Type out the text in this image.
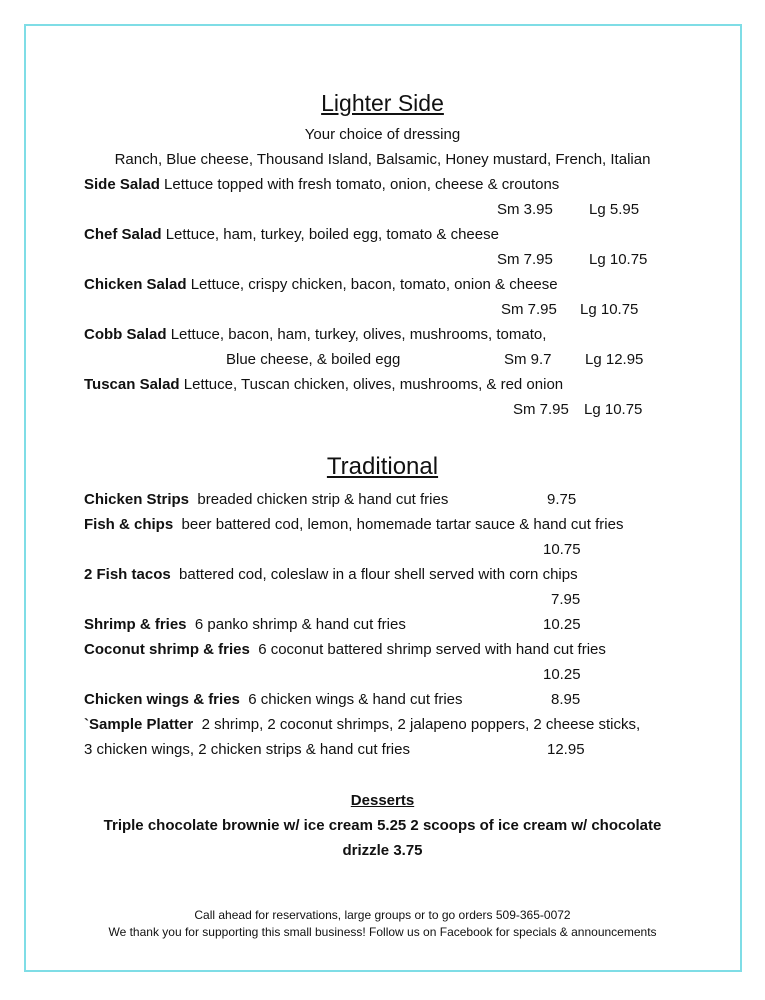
Lighter Side
Your choice of dressing
Ranch, Blue cheese, Thousand Island, Balsamic, Honey mustard, French, Italian
Side Salad Lettuce topped with fresh tomato, onion, cheese & croutons
Sm 3.95 Lg 5.95
Chef Salad Lettuce, ham, turkey, boiled egg, tomato & cheese
Sm 7.95 Lg 10.75
Chicken Salad Lettuce, crispy chicken, bacon, tomato, onion & cheese
Sm 7.95 Lg 10.75
Cobb Salad Lettuce, bacon, ham, turkey, olives, mushrooms, tomato,
Blue cheese, & boiled egg	Sm 9.7 Lg 12.95
Tuscan Salad Lettuce, Tuscan chicken, olives, mushrooms, & red onion
Sm 7.95 Lg 10.75
Traditional
Chicken Strips breaded chicken strip & hand cut fries	9.75
Fish & chips beer battered cod, lemon, homemade tartar sauce & hand cut fries
10.75
2 Fish tacos battered cod, coleslaw in a flour shell served with corn chips
7.95
Shrimp & fries 6 panko shrimp & hand cut fries	10.25
Coconut shrimp & fries 6 coconut battered shrimp served with hand cut fries
10.25
Chicken wings & fries 6 chicken wings & hand cut fries	8.95
`Sample Platter 2 shrimp, 2 coconut shrimps, 2 jalapeno poppers, 2 cheese sticks,
3 chicken wings, 2 chicken strips & hand cut fries	12.95
Desserts
Triple chocolate brownie w/ ice cream 5.25 2 scoops of ice cream w/ chocolate
drizzle 3.75
Call ahead for reservations, large groups or to go orders 509-365-0072
We thank you for supporting this small business! Follow us on Facebook for specials & announcements
